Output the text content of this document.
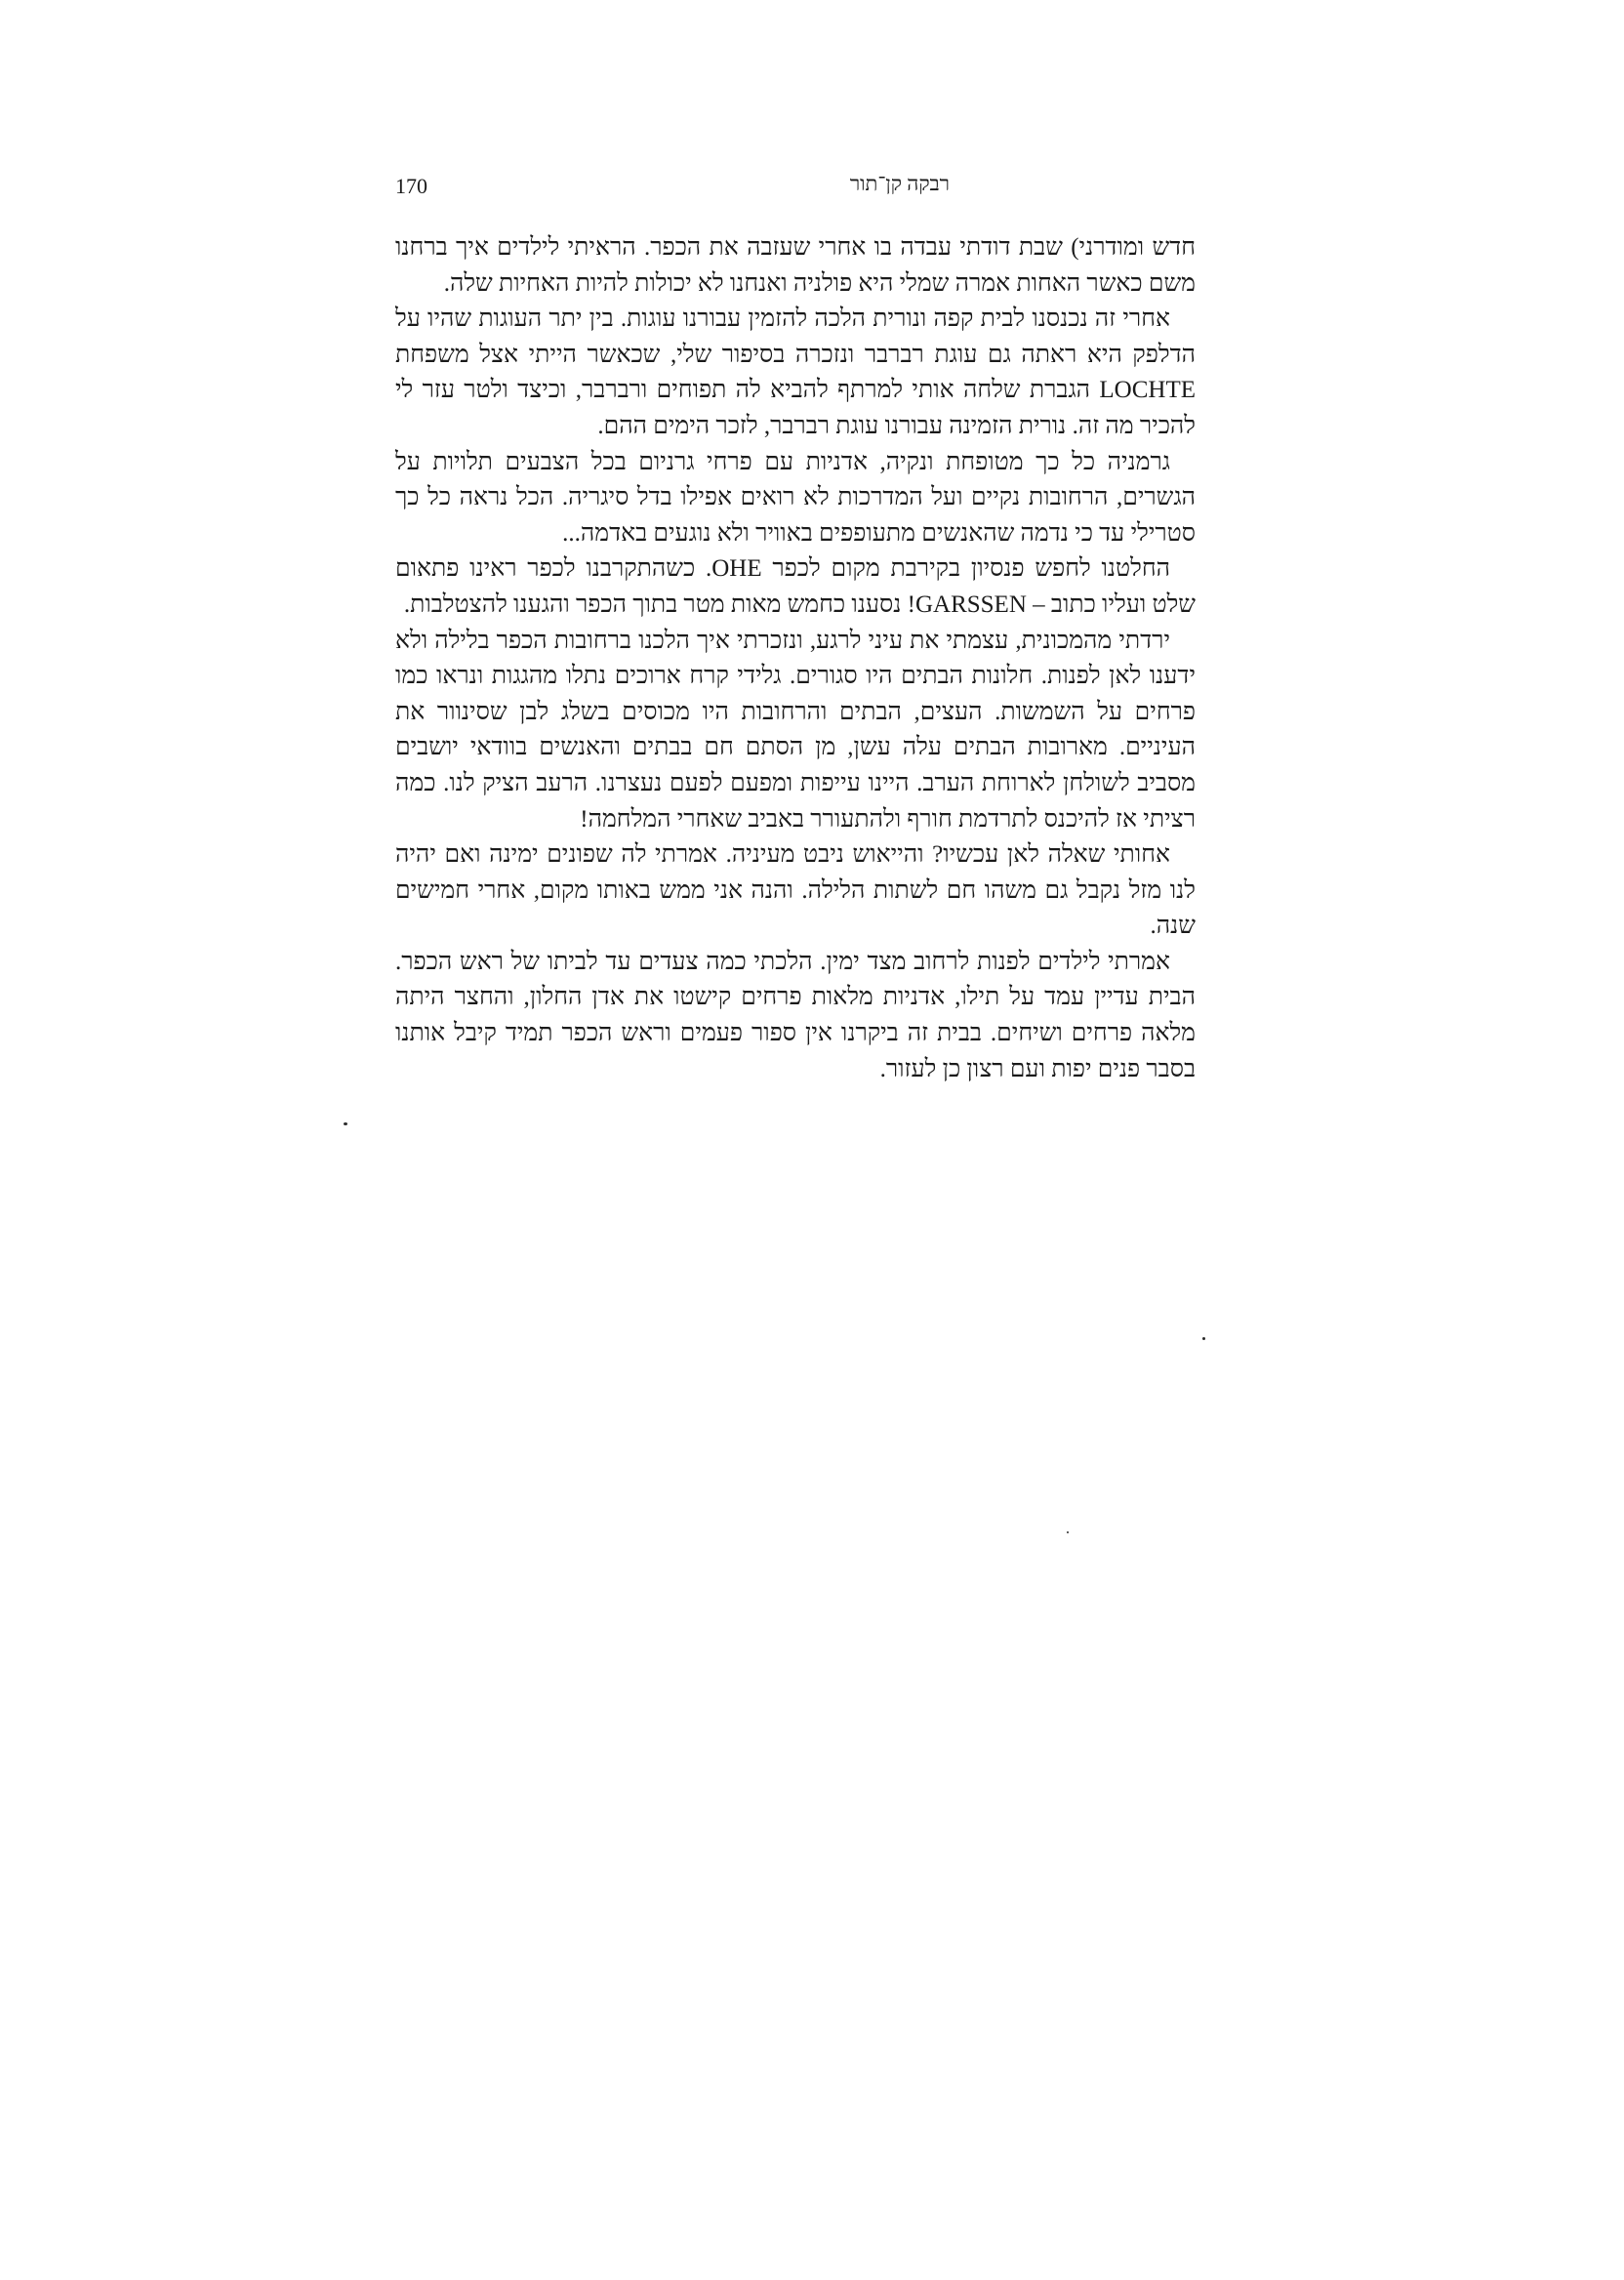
170	רבקה קן־תור

חדש ומודרני) שבת דודתי עבדה בו אחרי שעזבה את הכפר. הראיתי לילדים איך ברחנו משם כאשר האחות אמרה שמלי היא פולניה ואנחנו לא יכולות להיות האחיות שלה.

אחרי זה נכנסנו לבית קפה ונורית הלכה להזמין עבורנו עוגות. בין יתר העוגות שהיו על הדלפק היא ראתה גם עוגת רברבר ונזכרה בסיפור שלי, שכאשר הייתי אצל משפחת LOCHTE הגברת שלחה אותי למרתף להביא לה תפוחים ורברבר, וכיצד ולטר עזר לי להכיר מה זה. נורית הזמינה עבורנו עוגת רברבר, לזכר הימים ההם.

גרמניה כל כך מטופחת ונקיה, אדניות עם פרחי גרניום בכל הצבעים תלויות על הגשרים, הרחובות נקיים ועל המדרכות לא רואים אפילו בדל סיגריה. הכל נראה כל כך סטרילי עד כי נדמה שהאנשים מתעופפים באוויר ולא נוגעים באדמה...

החלטנו לחפש פנסיון בקירבת מקום לכפר OHE. כשהתקרבנו לכפר ראינו פתאום שלט ועליו כתוב – GARSSEN! נסענו כחמש מאות מטר בתוך הכפר והגענו להצטלבות.

ירדתי מהמכונית, עצמתי את עיני לרגע, ונזכרתי איך הלכנו ברחובות הכפר בלילה ולא ידענו לאן לפנות. חלונות הבתים היו סגורים. גלידי קרח ארוכים נתלו מהגגות ונראו כמו פרחים על השמשות. העצים, הבתים והרחובות היו מכוסים בשלג לבן שסינוור את העיניים. מארובות הבתים עלה עשן, מן הסתם חם בבתים והאנשים בוודאי יושבים מסביב לשולחן לארוחת הערב. היינו עייפות ומפעם לפעם נעצרנו. הרעב הציק לנו. כמה רציתי אז להיכנס לתרדמת חורף ולהתעורר באביב שאחרי המלחמה!

אחותי שאלה לאן עכשיו? והייאוש ניבט מעיניה. אמרתי לה שפונים ימינה ואם יהיה לנו מזל נקבל גם משהו חם לשתות הלילה. והנה אני ממש באותו מקום, אחרי חמישים שנה.

אמרתי לילדים לפנות לרחוב מצד ימין. הלכתי כמה צעדים עד לביתו של ראש הכפר. הבית עדיין עמד על תילו, אדניות מלאות פרחים קישטו את אדן החלון, והחצר היתה מלאה פרחים ושיחים. בבית זה ביקרנו אין ספור פעמים וראש הכפר תמיד קיבל אותנו בסבר פנים יפות ועם רצון כן לעזור.
